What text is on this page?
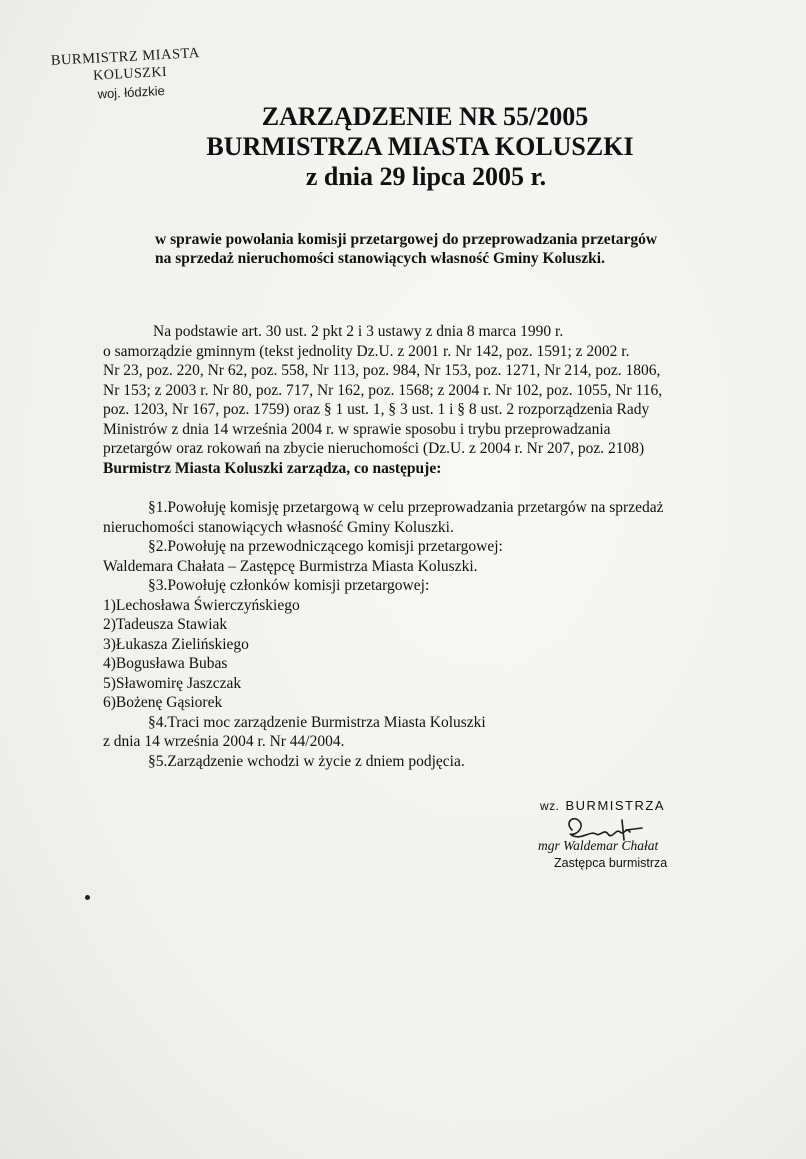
BURMISTRZ MIASTA
KOLUSZKI
woj. łódzkie
ZARZĄDZENIE NR 55/2005
BURMISTRZA MIASTA KOLUSZKI
z dnia 29 lipca 2005 r.
w sprawie powołania komisji przetargowej do przeprowadzania przetargów
na sprzedaż nieruchomości stanowiących własność Gminy Koluszki.

Na podstawie art. 30 ust. 2 pkt 2 i 3 ustawy z dnia 8 marca 1990 r.

o samorządzie gminnym (tekst jednolity Dz.U. z 2001 r. Nr 142, poz. 1591; z 2002 r.

Nr 23, poz. 220, Nr 62, poz. 558, Nr 113, poz. 984, Nr 153, poz. 1271, Nr 214, poz. 1806,

Nr 153; z 2003 r. Nr 80, poz. 717, Nr 162, poz. 1568; z 2004 r. Nr 102, poz. 1055, Nr 116,

poz. 1203, Nr 167, poz. 1759) oraz § 1 ust. 1, § 3 ust. 1 i § 8 ust. 2 rozporządzenia Rady

Ministrów z dnia 14 września 2004 r. w sprawie sposobu i trybu przeprowadzania

przetargów oraz rokowań na zbycie nieruchomości (Dz.U. z 2004 r. Nr 207, poz. 2108)

Burmistrz Miasta Koluszki zarządza, co następuje:

§1.Powołuję komisję przetargową w celu przeprowadzania przetargów na sprzedaż

nieruchomości stanowiących własność Gminy Koluszki.

§2.Powołuję na przewodniczącego komisji przetargowej:

Waldemara Chałata – Zastępcę Burmistrza Miasta Koluszki.

§3.Powołuję członków komisji przetargowej:

1)Lechosława Świerczyńskiego

2)Tadeusza Stawiak

3)Łukasza Zielińskiego

4)Bogusława Bubas

5)Sławomirę Jaszczak

6)Bożenę Gąsiorek

§4.Traci moc zarządzenie Burmistrza Miasta Koluszki

z dnia 14 września 2004 r. Nr 44/2004.

§5.Zarządzenie wchodzi w życie z dniem podjęcia.

wz. BURMISTRZA
mgr Waldemar Chałat
Zastępca burmistrza
